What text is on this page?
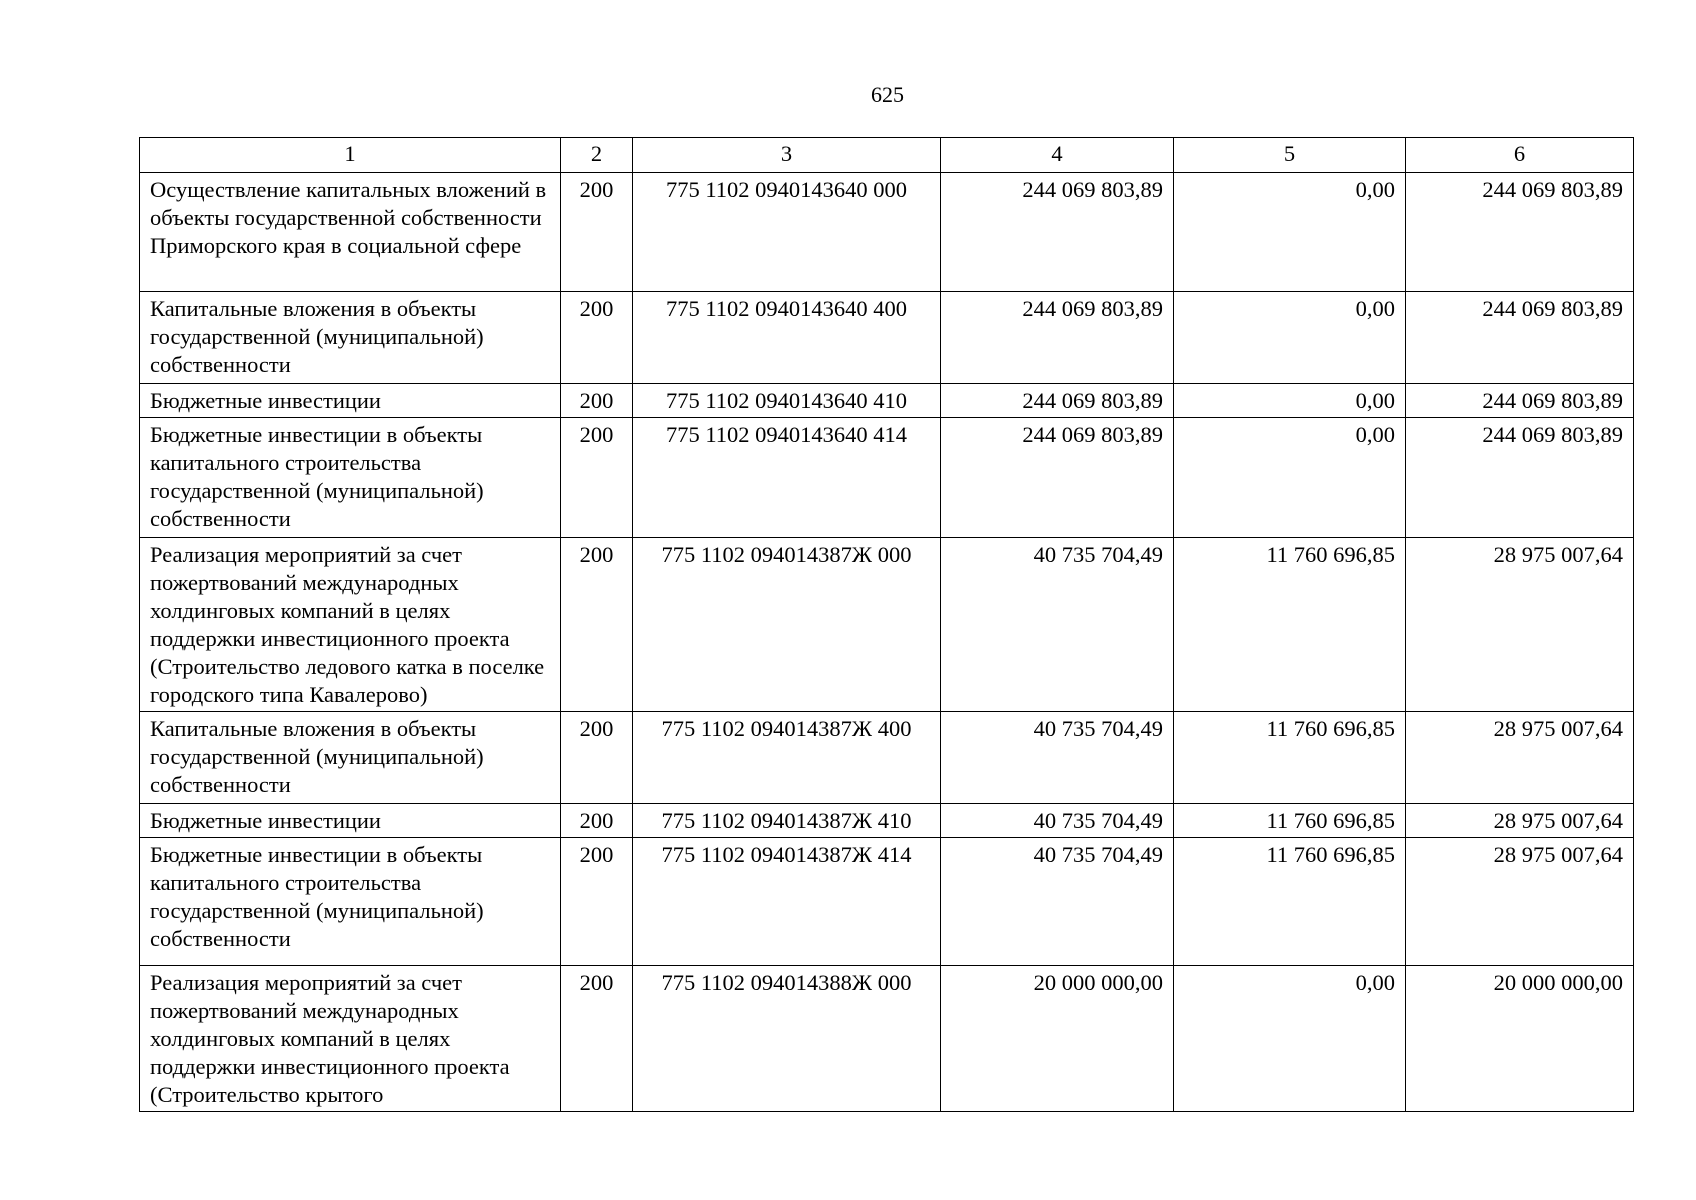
625
1	2	3	4	5	6
Осуществление капитальных вложений в объекты государственной собственности Приморского края в социальной сфере	200	775 1102 0940143640 000	244 069 803,89	0,00	244 069 803,89
Капитальные вложения в объекты государственной (муниципальной) собственности	200	775 1102 0940143640 400	244 069 803,89	0,00	244 069 803,89
Бюджетные инвестиции	200	775 1102 0940143640 410	244 069 803,89	0,00	244 069 803,89
Бюджетные инвестиции в объекты капитального строительства государственной (муниципальной) собственности	200	775 1102 0940143640 414	244 069 803,89	0,00	244 069 803,89
Реализация мероприятий за счет пожертвований международных холдинговых компаний в целях поддержки инвестиционного проекта (Строительство ледового катка в поселке городского типа Кавалерово)	200	775 1102 094014387Ж 000	40 735 704,49	11 760 696,85	28 975 007,64
Капитальные вложения в объекты государственной (муниципальной) собственности	200	775 1102 094014387Ж 400	40 735 704,49	11 760 696,85	28 975 007,64
Бюджетные инвестиции	200	775 1102 094014387Ж 410	40 735 704,49	11 760 696,85	28 975 007,64
Бюджетные инвестиции в объекты капитального строительства государственной (муниципальной) собственности	200	775 1102 094014387Ж 414	40 735 704,49	11 760 696,85	28 975 007,64
Реализация мероприятий за счет пожертвований международных холдинговых компаний в целях поддержки инвестиционного проекта (Строительство крытого	200	775 1102 094014388Ж 000	20 000 000,00	0,00	20 000 000,00
